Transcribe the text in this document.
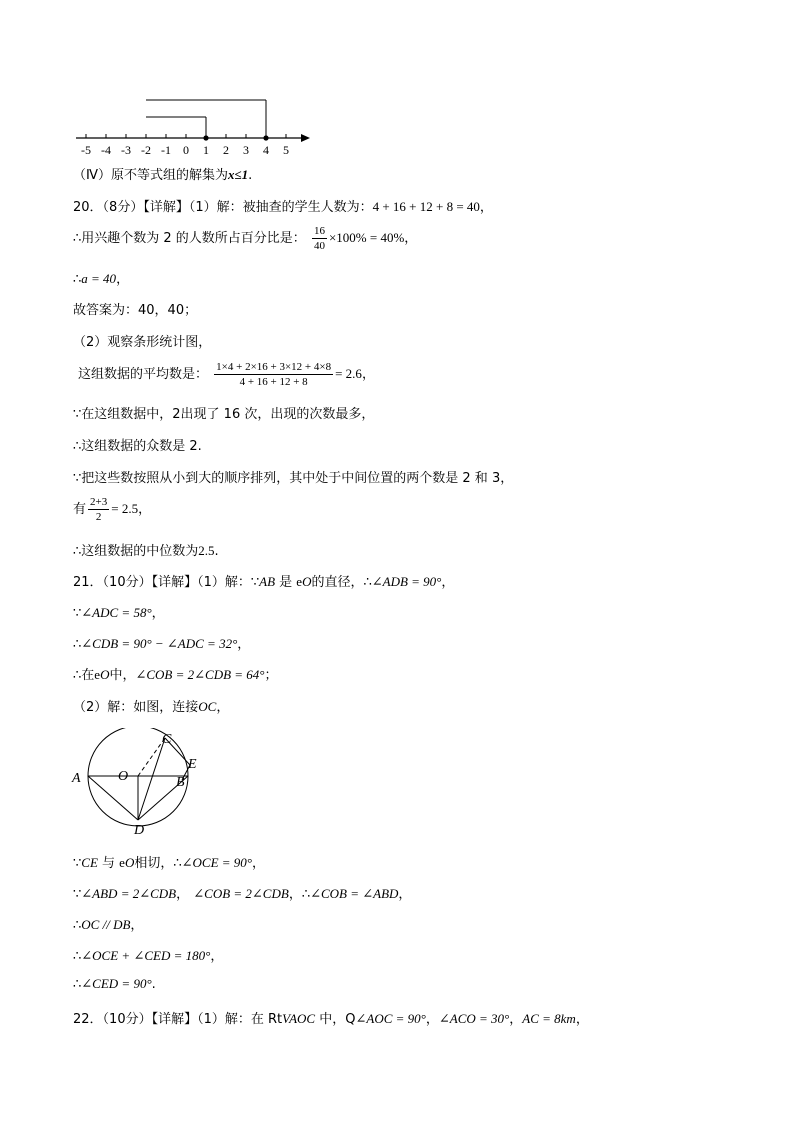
-5 -4 -3 -2 -1 0 1 2 3 4 5
（Ⅳ）原不等式组的解集为x≤1.
20．（8分）【详解】（1）解：被抽查的学生人数为：4 + 16 + 12 + 8 = 40，
∴用兴趣个数为 2 的人数所占百分比是： $\frac{16}{40} \times 100\% = 40\%$，
∴a = 40，
故答案为：40，40；
（2）观察条形统计图，
这组数据的平均数是： $\frac{1\times 4 + 2\times 16 + 3\times 12 + 4\times 8}{4 + 16 + 12 + 8} = 2.6$，
∵在这组数据中，2出现了 16 次，出现的次数最多，
∴这组数据的众数是 2.
∵把这些数按照从小到大的顺序排列，其中处于中间位置的两个数是 2 和 3，
有 $\frac{2+3}{2} = 2.5$，
∴这组数据的中位数为2.5.
21．（10分）【详解】（1）解：∵AB 是 eO的直径，∴∠ADB = 90°，
∵∠ADC = 58°，
∴∠CDB = 90° − ∠ADC = 32°，
∴在eO中，∠COB = 2∠CDB = 64°；
（2）解：如图，连接OC，
A	O	B
C
D
E
∵CE 与 eO相切，∴∠OCE = 90°，
∵∠ABD = 2∠CDB， ∠COB = 2∠CDB，∴∠COB = ∠ABD，
∴OC // DB，
∴∠OCE + ∠CED = 180°，
∴∠CED = 90°.
22．（10分）【详解】（1）解：在 RtVAOC 中，Q∠AOC = 90°，∠ACO = 30°，AC = 8km，
